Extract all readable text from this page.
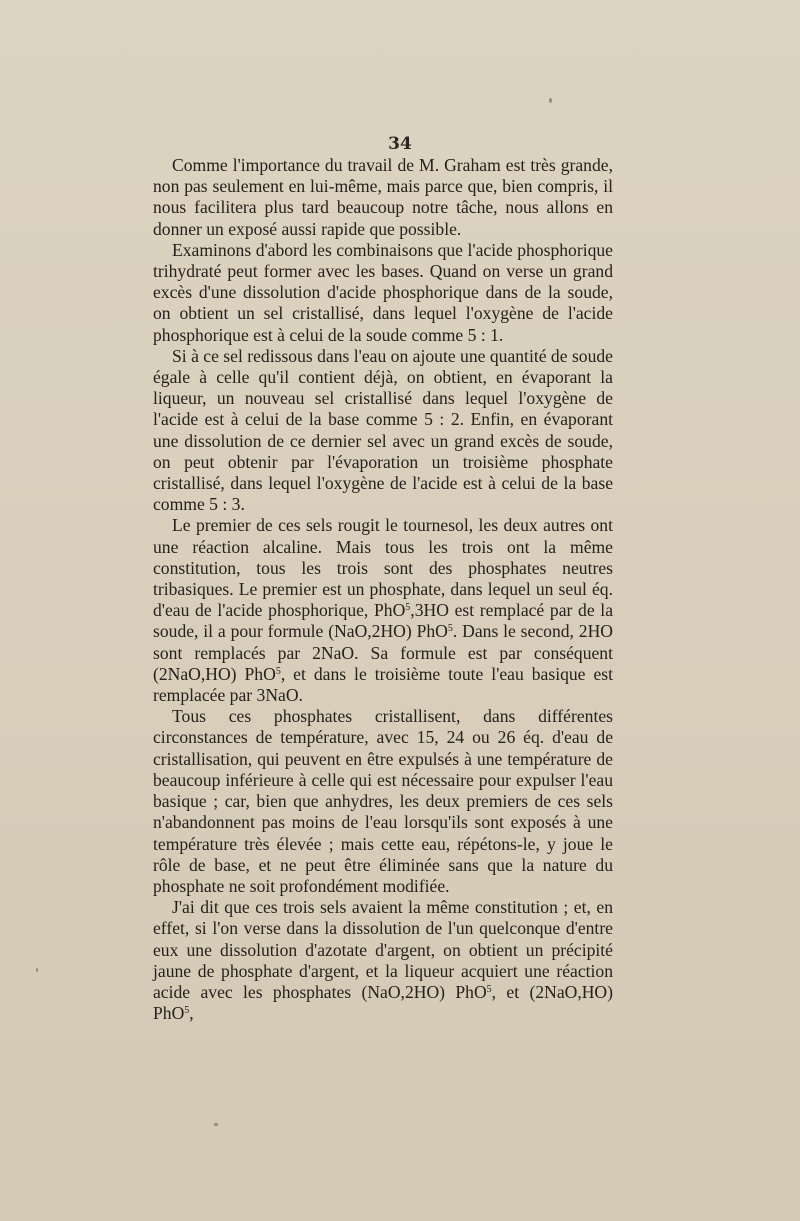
34

Comme l'importance du travail de M. Graham est très grande, non pas seulement en lui-même, mais parce que, bien compris, il nous facilitera plus tard beaucoup notre tâche, nous allons en donner un exposé aussi rapide que possible.

Examinons d'abord les combinaisons que l'acide phosphorique trihydraté peut former avec les bases. Quand on verse un grand excès d'une dissolution d'acide phosphorique dans de la soude, on obtient un sel cristallisé, dans lequel l'oxygène de l'acide phosphorique est à celui de la soude comme 5 : 1.

Si à ce sel redissous dans l'eau on ajoute une quantité de soude égale à celle qu'il contient déjà, on obtient, en évaporant la liqueur, un nouveau sel cristallisé dans lequel l'oxygène de l'acide est à celui de la base comme 5 : 2. Enfin, en évaporant une dissolution de ce dernier sel avec un grand excès de soude, on peut obtenir par l'évaporation un troisième phosphate cristallisé, dans lequel l'oxygène de l'acide est à celui de la base comme 5 : 3.

Le premier de ces sels rougit le tournesol, les deux autres ont une réaction alcaline. Mais tous les trois ont la même constitution, tous les trois sont des phosphates neutres tribasiques. Le premier est un phosphate, dans lequel un seul éq. d'eau de l'acide phosphorique, PhO$^5$,3HO est remplacé par de la soude, il a pour formule (NaO,2HO) PhO$^5$. Dans le second, 2HO sont remplacés par 2NaO. Sa formule est par conséquent (2NaO,HO) PhO$^5$, et dans le troisième toute l'eau basique est remplacée par 3NaO.

Tous ces phosphates cristallisent, dans différentes circonstances de température, avec 15, 24 ou 26 éq. d'eau de cristallisation, qui peuvent en être expulsés à une température de beaucoup inférieure à celle qui est nécessaire pour expulser l'eau basique ; car, bien que anhydres, les deux premiers de ces sels n'abandonnent pas moins de l'eau lorsqu'ils sont exposés à une température très élevée ; mais cette eau, répétons-le, y joue le rôle de base, et ne peut être éliminée sans que la nature du phosphate ne soit profondément modifiée.

J'ai dit que ces trois sels avaient la même constitution ; et, en effet, si l'on verse dans la dissolution de l'un quelconque d'entre eux une dissolution d'azotate d'argent, on obtient un précipité jaune de phosphate d'argent, et la liqueur acquiert une réaction acide avec les phosphates (NaO,2HO) PhO$^5$, et (2NaO,HO) PhO$^5$,
